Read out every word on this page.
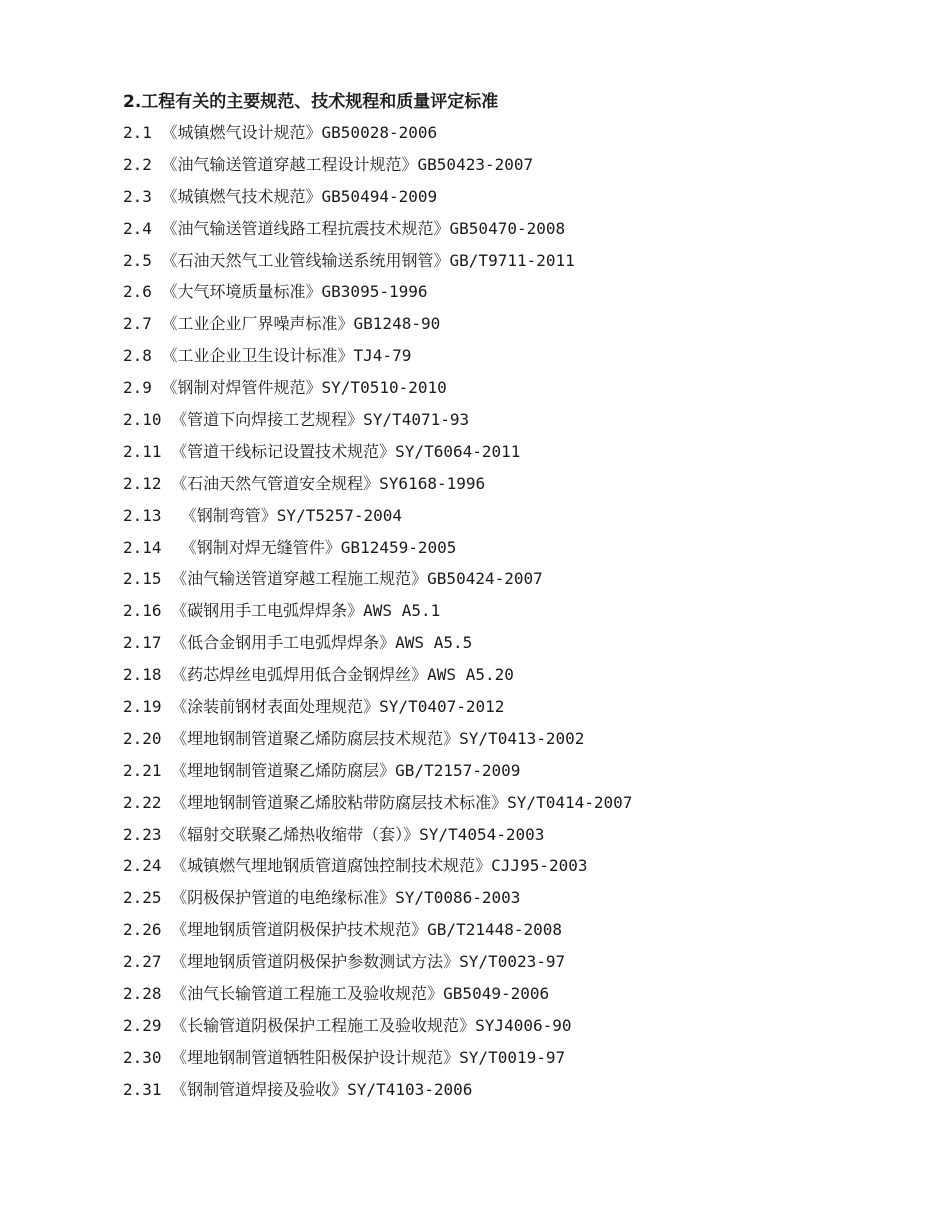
2.工程有关的主要规范、技术规程和质量评定标准
2.1 《城镇燃气设计规范》GB50028-2006
2.2 《油气输送管道穿越工程设计规范》GB50423-2007
2.3 《城镇燃气技术规范》GB50494-2009
2.4 《油气输送管道线路工程抗震技术规范》GB50470-2008
2.5 《石油天然气工业管线输送系统用钢管》GB/T9711-2011
2.6 《大气环境质量标准》GB3095-1996
2.7 《工业企业厂界噪声标准》GB1248-90
2.8 《工业企业卫生设计标准》TJ4-79
2.9 《钢制对焊管件规范》SY/T0510-2010
2.10 《管道下向焊接工艺规程》SY/T4071-93
2.11 《管道干线标记设置技术规范》SY/T6064-2011
2.12 《石油天然气管道安全规程》SY6168-1996
2.13  《钢制弯管》SY/T5257-2004
2.14  《钢制对焊无缝管件》GB12459-2005
2.15 《油气输送管道穿越工程施工规范》GB50424-2007
2.16 《碳钢用手工电弧焊焊条》AWS A5.1
2.17 《低合金钢用手工电弧焊焊条》AWS A5.5
2.18 《药芯焊丝电弧焊用低合金钢焊丝》AWS A5.20
2.19 《涂装前钢材表面处理规范》SY/T0407-2012
2.20 《埋地钢制管道聚乙烯防腐层技术规范》SY/T0413-2002
2.21 《埋地钢制管道聚乙烯防腐层》GB/T2157-2009
2.22 《埋地钢制管道聚乙烯胶粘带防腐层技术标准》SY/T0414-2007
2.23 《辐射交联聚乙烯热收缩带（套）》SY/T4054-2003
2.24 《城镇燃气埋地钢质管道腐蚀控制技术规范》CJJ95-2003
2.25 《阴极保护管道的电绝缘标准》SY/T0086-2003
2.26 《埋地钢质管道阴极保护技术规范》GB/T21448-2008
2.27 《埋地钢质管道阴极保护参数测试方法》SY/T0023-97
2.28 《油气长输管道工程施工及验收规范》GB5049-2006
2.29 《长输管道阴极保护工程施工及验收规范》SYJ4006-90
2.30 《埋地钢制管道牺牲阳极保护设计规范》SY/T0019-97
2.31 《钢制管道焊接及验收》SY/T4103-2006
